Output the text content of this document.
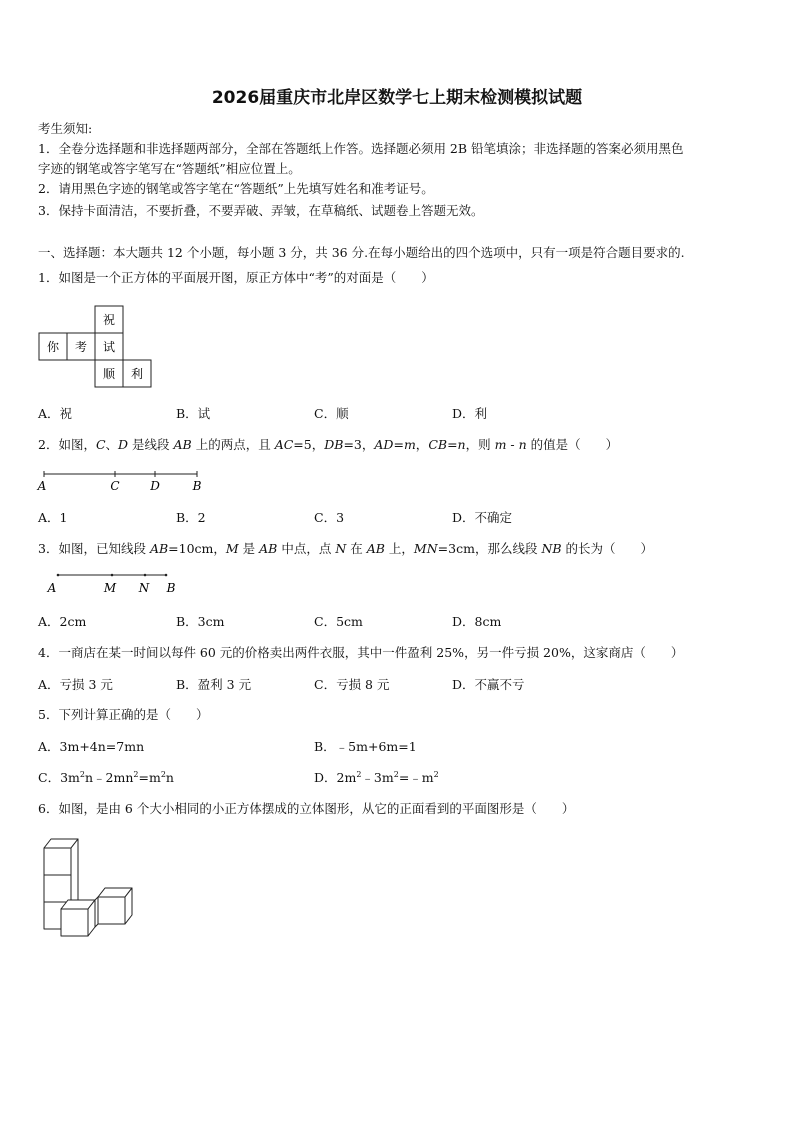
2026届重庆市北岸区数学七上期末检测模拟试题
考生须知:
1．全卷分选择题和非选择题两部分，全部在答题纸上作答。选择题必须用 2B 铅笔填涂；非选择题的答案必须用黑色
字迹的钢笔或答字笔写在“答题纸”相应位置上。
2．请用黑色字迹的钢笔或答字笔在“答题纸”上先填写姓名和准考证号。
3．保持卡面清洁，不要折叠，不要弄破、弄皱，在草稿纸、试题卷上答题无效。
一、选择题：本大题共 12 个小题，每小题 3 分，共 36 分.在每小题给出的四个选项中，只有一项是符合题目要求的.
1．如图是一个正方体的平面展开图，原正方体中“考”的对面是（　　）
祝
你 考 试
顺 利
A．祝	B．试	C．顺	D．利
2．如图，C、D 是线段 AB 上的两点，且 AC=5，DB=3，AD=m，CB=n，则 m - n 的值是（　　）
A	C	D	B
A．1	B．2	C．3	D．不确定
3．如图，已知线段 AB=10cm，M 是 AB 中点，点 N 在 AB 上，MN=3cm，那么线段 NB 的长为（　　）
A	M N B
A．2cm	B．3cm	C．5cm	D．8cm
4．一商店在某一时间以每件 60 元的价格卖出两件衣服，其中一件盈利 25%，另一件亏损 20%，这家商店（　　）
A．亏损 3 元	B．盈利 3 元	C．亏损 8 元	D．不赢不亏
5．下列计算正确的是（　　）
A．3m+4n=7mn	B．﹣5m+6m=1
C．$3m^2n﹣2mn^2=m^2n$	D．$2m^2﹣3m^2=﹣m^2$
6．如图，是由 6 个大小相同的小正方体摆成的立体图形，从它的正面看到的平面图形是（　　）
